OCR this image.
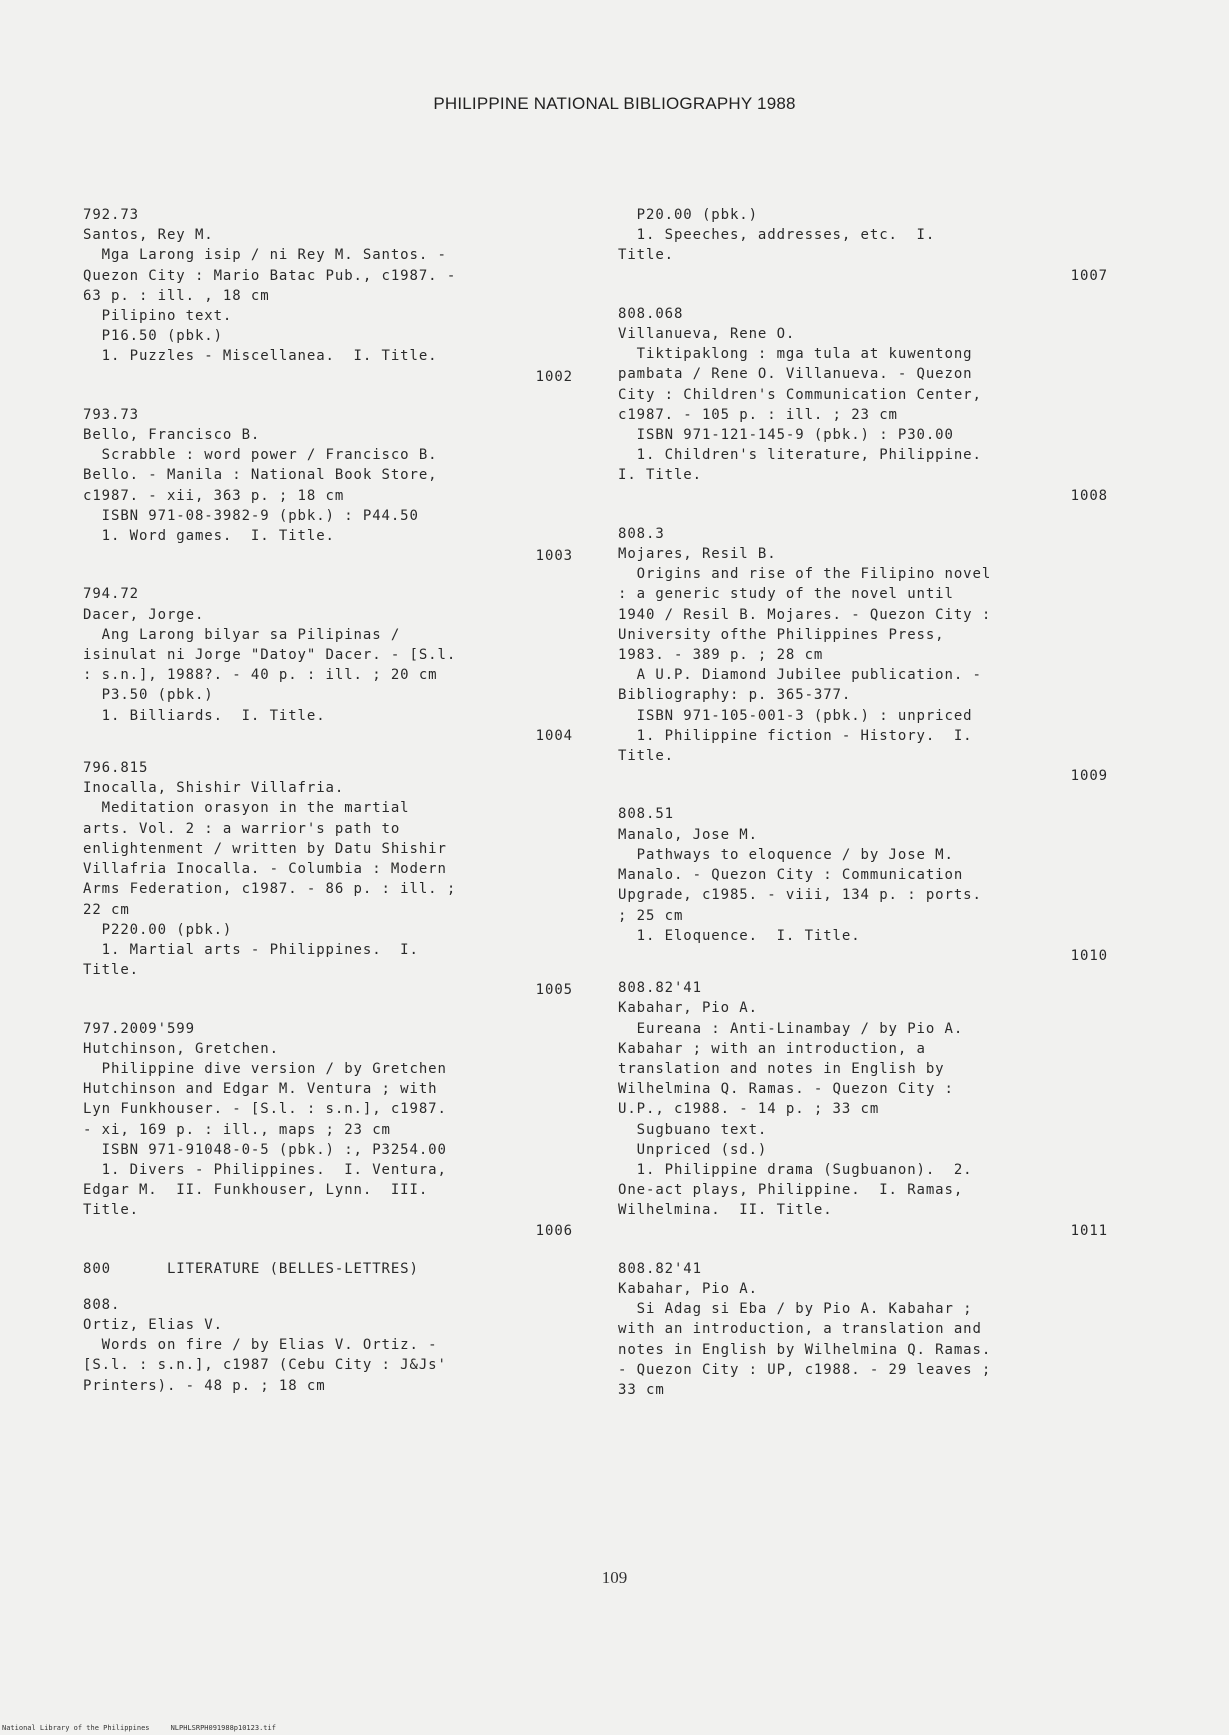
PHILIPPINE NATIONAL BIBLIOGRAPHY 1988
792.73
Santos, Rey M.
Mga Larong isip / ni Rey M. Santos. -
Quezon City : Mario Batac Pub., c1987. -
63 p. : ill. , 18 cm
Pilipino text.
P16.50 (pbk.)
1. Puzzles - Miscellanea.  I. Title.
1002
793.73
Bello, Francisco B.
Scrabble : word power / Francisco B.
Bello. - Manila : National Book Store,
c1987. - xii, 363 p. ; 18 cm
ISBN 971-08-3982-9 (pbk.) : P44.50
1. Word games.  I. Title.
1003
794.72
Dacer, Jorge.
Ang Larong bilyar sa Pilipinas /
isinulat ni Jorge "Datoy" Dacer. - [S.l.
: s.n.], 1988?. - 40 p. : ill. ; 20 cm
P3.50 (pbk.)
1. Billiards.  I. Title.
1004
796.815
Inocalla, Shishir Villafria.
Meditation orasyon in the martial
arts. Vol. 2 : a warrior's path to
enlightenment / written by Datu Shishir
Villafria Inocalla. - Columbia : Modern
Arms Federation, c1987. - 86 p. : ill. ;
22 cm
P220.00 (pbk.)
1. Martial arts - Philippines.  I.
Title.
1005
797.2009'599
Hutchinson, Gretchen.
Philippine dive version / by Gretchen
Hutchinson and Edgar M. Ventura ; with
Lyn Funkhouser. - [S.l. : s.n.], c1987.
- xi, 169 p. : ill., maps ; 23 cm
ISBN 971-91048-0-5 (pbk.) :, P3254.00
1. Divers - Philippines.  I. Ventura,
Edgar M.  II. Funkhouser, Lynn.  III.
Title.
1006
800      LITERATURE (BELLES-LETTRES)
808.
Ortiz, Elias V.
Words on fire / by Elias V. Ortiz. -
[S.l. : s.n.], c1987 (Cebu City : J&Js'
Printers). - 48 p. ; 18 cm
P20.00 (pbk.)
1. Speeches, addresses, etc.  I.
Title.
1007
808.068
Villanueva, Rene O.
Tiktipaklong : mga tula at kuwentong
pambata / Rene O. Villanueva. - Quezon
City : Children's Communication Center,
c1987. - 105 p. : ill. ; 23 cm
ISBN 971-121-145-9 (pbk.) : P30.00
1. Children's literature, Philippine.
I. Title.
1008
808.3
Mojares, Resil B.
Origins and rise of the Filipino novel
: a generic study of the novel until
1940 / Resil B. Mojares. - Quezon City :
University ofthe Philippines Press,
1983. - 389 p. ; 28 cm
A U.P. Diamond Jubilee publication. -
Bibliography: p. 365-377.
ISBN 971-105-001-3 (pbk.) : unpriced
1. Philippine fiction - History.  I.
Title.
1009
808.51
Manalo, Jose M.
Pathways to eloquence / by Jose M.
Manalo. - Quezon City : Communication
Upgrade, c1985. - viii, 134 p. : ports.
; 25 cm
1. Eloquence.  I. Title.
1010
808.82'41
Kabahar, Pio A.
Eureana : Anti-Linambay / by Pio A.
Kabahar ; with an introduction, a
translation and notes in English by
Wilhelmina Q. Ramas. - Quezon City :
U.P., c1988. - 14 p. ; 33 cm
Sugbuano text.
Unpriced (sd.)
1. Philippine drama (Sugbuanon).  2.
One-act plays, Philippine.  I. Ramas,
Wilhelmina.  II. Title.
1011
808.82'41
Kabahar, Pio A.
Si Adag si Eba / by Pio A. Kabahar ;
with an introduction, a translation and
notes in English by Wilhelmina Q. Ramas.
- Quezon City : UP, c1988. - 29 leaves ;
33 cm
109
National Library of the Philippines     NLPHLSRPH091988p10123.tif
